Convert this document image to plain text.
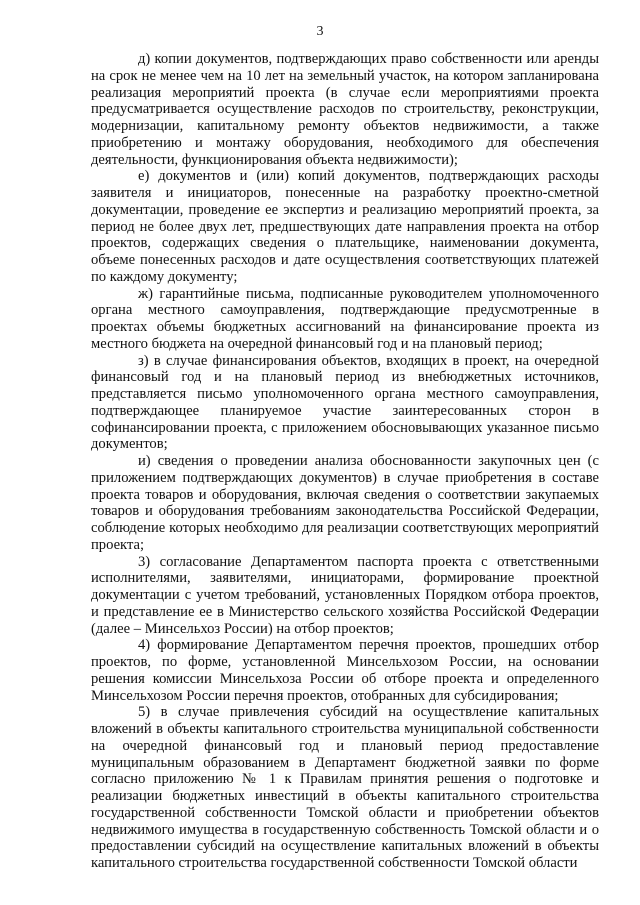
3

д) копии документов, подтверждающих право собственности или аренды на срок не менее чем на 10 лет на земельный участок, на котором запланирована реализация мероприятий проекта (в случае если мероприятиями проекта предусматривается осуществление расходов по строительству, реконструкции, модернизации, капитальному ремонту объектов недвижимости, а также приобретению и монтажу оборудования, необходимого для обеспечения деятельности, функционирования объекта недвижимости);

е) документов и (или) копий документов, подтверждающих расходы заявителя и инициаторов, понесенные на разработку проектно-сметной документации, проведение ее экспертиз и реализацию мероприятий проекта, за период не более двух лет, предшествующих дате направления проекта на отбор проектов, содержащих сведения о плательщике, наименовании документа, объеме понесенных расходов и дате осуществления соответствующих платежей по каждому документу;

ж) гарантийные письма, подписанные руководителем уполномоченного органа местного самоуправления, подтверждающие предусмотренные в проектах объемы бюджетных ассигнований на финансирование проекта из местного бюджета на очередной финансовый год и на плановый период;

з) в случае финансирования объектов, входящих в проект, на очередной финансовый год и на плановый период из внебюджетных источников, представляется письмо уполномоченного органа местного самоуправления, подтверждающее планируемое участие заинтересованных сторон в софинансировании проекта, с приложением обосновывающих указанное письмо документов;

и) сведения о проведении анализа обоснованности закупочных цен (с приложением подтверждающих документов) в случае приобретения в составе проекта товаров и оборудования, включая сведения о соответствии закупаемых товаров и оборудования требованиям законодательства Российской Федерации, соблюдение которых необходимо для реализации соответствующих мероприятий проекта;

3) согласование Департаментом паспорта проекта с ответственными исполнителями, заявителями, инициаторами, формирование проектной документации с учетом требований, установленных Порядком отбора проектов, и представление ее в Министерство сельского хозяйства Российской Федерации (далее – Минсельхоз России) на отбор проектов;

4) формирование Департаментом перечня проектов, прошедших отбор проектов, по форме, установленной Минсельхозом России, на основании решения комиссии Минсельхоза России об отборе проекта и определенного Минсельхозом России перечня проектов, отобранных для субсидирования;

5) в случае привлечения субсидий на осуществление капитальных вложений в объекты капитального строительства муниципальной собственности на очередной финансовый год и плановый период предоставление муниципальным образованием в Департамент бюджетной заявки по форме согласно приложению № 1 к Правилам принятия решения о подготовке и реализации бюджетных инвестиций в объекты капитального строительства государственной собственности Томской области и приобретении объектов недвижимого имущества в государственную собственность Томской области и о предоставлении субсидий на осуществление капитальных вложений в объекты капитального строительства государственной собственности Томской области
